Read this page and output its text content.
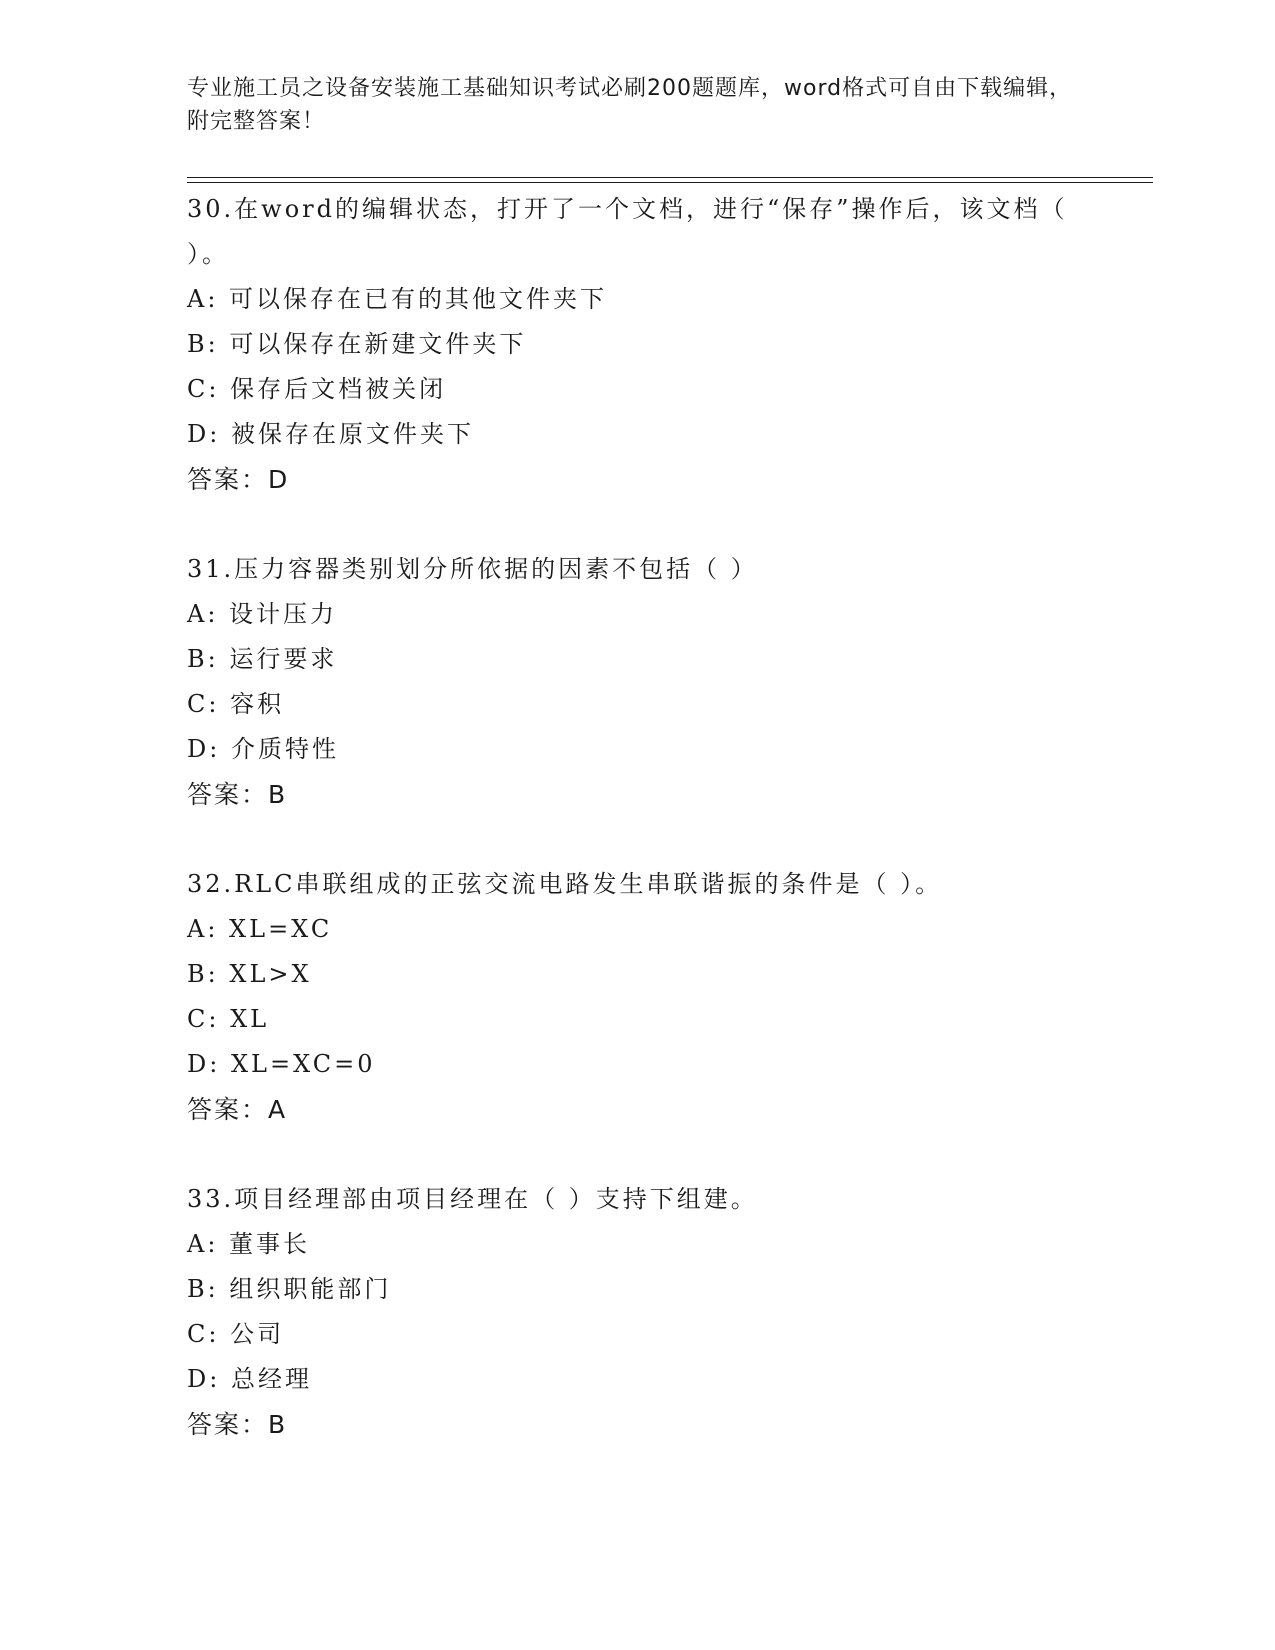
专业施工员之设备安装施工基础知识考试必刷200题题库，word格式可自由下载编辑，附完整答案！
30.在word的编辑状态，打开了一个文档，进行“保存”操作后，该文档（ ）。
A: 可以保存在已有的其他文件夹下
B: 可以保存在新建文件夹下
C: 保存后文档被关闭
D: 被保存在原文件夹下
答案：D
31.压力容器类别划分所依据的因素不包括（ ）
A: 设计压力
B: 运行要求
C: 容积
D: 介质特性
答案：B
32.RLC串联组成的正弦交流电路发生串联谐振的条件是（ ）。
A: XL=XC
B: XL>X
C: XL
D: XL=XC=0
答案：A
33.项目经理部由项目经理在（ ）支持下组建。
A: 董事长
B: 组织职能部门
C: 公司
D: 总经理
答案：B
